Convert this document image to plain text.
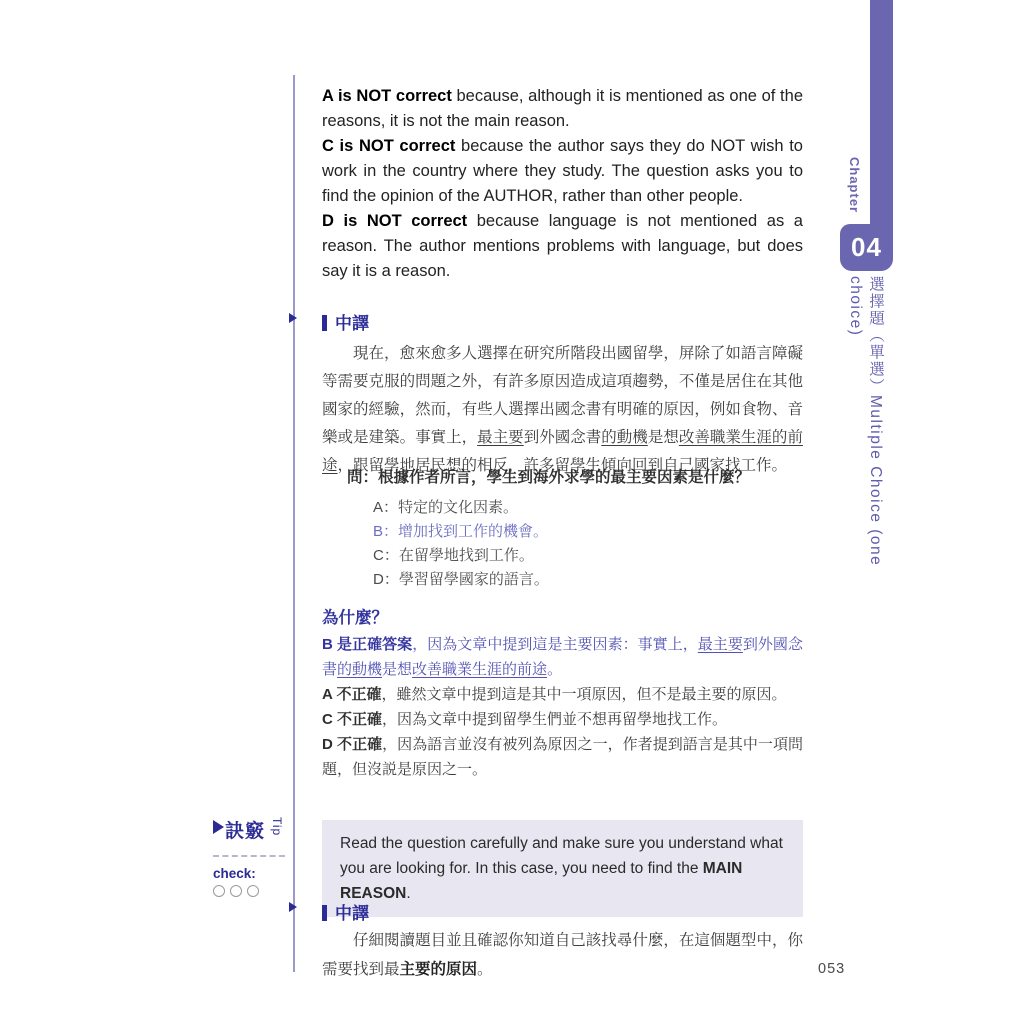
A is NOT correct because, although it is mentioned as one of the reasons, it is not the main reason.
C is NOT correct because the author says they do NOT wish to work in the country where they study. The question asks you to find the opinion of the AUTHOR, rather than other people.
D is NOT correct because language is not mentioned as a reason. The author mentions problems with language, but does say it is a reason.
中譯
現在，愈來愈多人選擇在研究所階段出國留學，屏除了如語言障礙等需要克服的問題之外，有許多原因造成這項趨勢，不僅是居住在其他國家的經驗，然而，有些人選擇出國念書有明確的原因，例如食物、音樂或是建築。事實上，最主要到外國念書的動機是想改善職業生涯的前途，跟留學地居民想的相反，許多留學生傾向回到自己國家找工作。
問：根據作者所言，學生到海外求學的最主要因素是什麼？
A：特定的文化因素。
B：增加找到工作的機會。
C：在留學地找到工作。
D：學習留學國家的語言。
為什麼？
B 是正確答案，因為文章中提到這是主要因素：事實上，最主要到外國念書的動機是想改善職業生涯的前途。
A 不正確，雖然文章中提到這是其中一項原因，但不是最主要的原因。
C 不正確，因為文章中提到留學生們並不想再留學地找工作。
D 不正確，因為語言並沒有被列為原因之一，作者提到語言是其中一項問題，但沒説是原因之一。
訣竅 Tip
check:
Read the question carefully and make sure you understand what you are looking for. In this case, you need to find the MAIN REASON.
中譯
仔細閱讀題目並且確認你知道自己該找尋什麼，在這個題型中，你需要找到最主要的原因。	053
Chapter
04
選擇題（單選）Multiple Choice (one choice)
